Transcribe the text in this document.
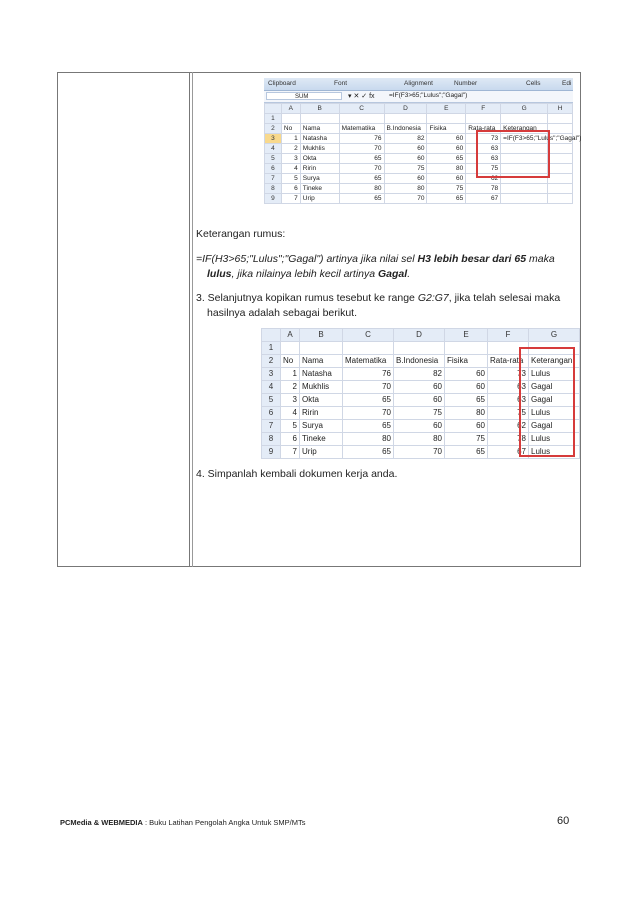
Clipboard	Font	Alignment	Number	Cells	Edi
SUM	▾ ✕ ✓ fx =IF(F3>65;"Lulus";"Gagal")
	A	B	C	D	E	F	G	H
1								
2	No	Nama	Matematika	B.Indonesia	Fisika	Rata-rata	Keterangan	
3	1	Natasha	76	82	60	73	=IF(F3>65;"Lulus";"Gagal")	
4	2	Mukhlis	70	60	60	63		
5	3	Okta	65	60	65	63		
6	4	Ririn	70	75	80	75		
7	5	Surya	65	60	60	62		
8	6	Tineke	80	80	75	78		
9	7	Urip	65	70	65	67		
Keterangan rumus:
=IF(H3>65;"Lulus";"Gagal") artinya jika nilai sel H3 lebih besar dari 65 maka
lulus, jika nilainya lebih kecil artinya Gagal.
3. Selanjutnya kopikan rumus tesebut ke range G2:G7, jika telah selesai maka
hasilnya adalah sebagai berikut.
	A	B	C	D	E	F	G
1							
2	No	Nama	Matematika	B.Indonesia	Fisika	Rata-rata	Keterangan
3	1	Natasha	76	82	60	73	Lulus
4	2	Mukhlis	70	60	60	63	Gagal
5	3	Okta	65	60	65	63	Gagal
6	4	Ririn	70	75	80	75	Lulus
7	5	Surya	65	60	60	62	Gagal
8	6	Tineke	80	80	75	78	Lulus
9	7	Urip	65	70	65	67	Lulus
4. Simpanlah kembali dokumen kerja anda.
PCMedia & WEBMEDIA : Buku Latihan Pengolah Angka Untuk SMP/MTs	60
